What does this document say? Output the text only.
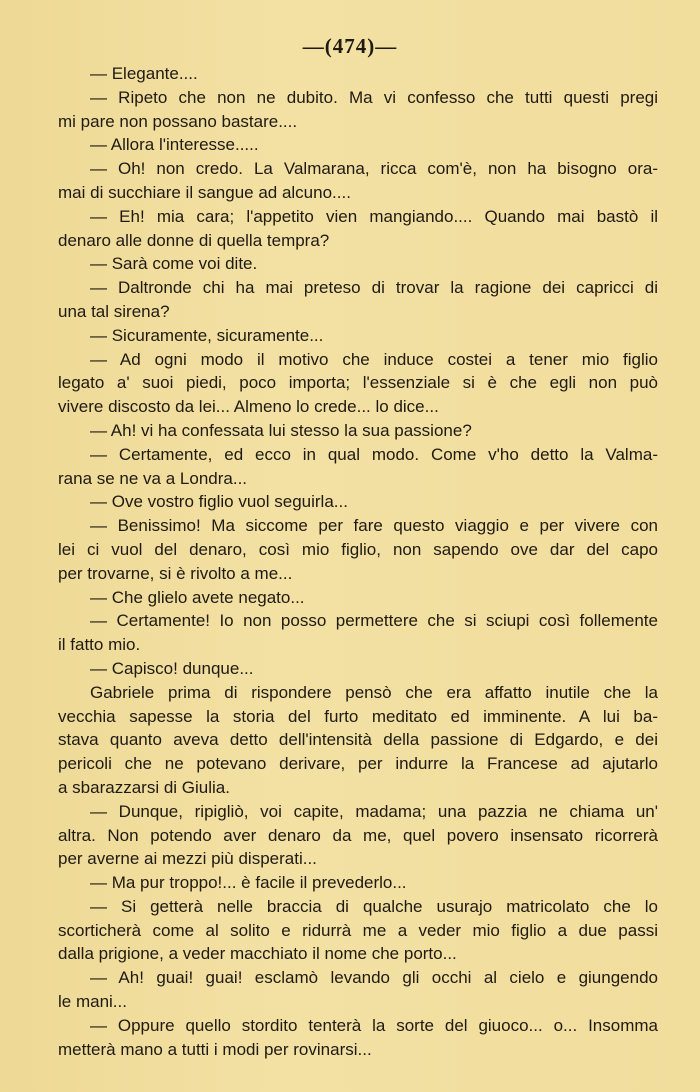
—(474)—
— Elegante....
— Ripeto che non ne dubito. Ma vi confesso che tutti questi pregi
mi pare non possano bastare....
— Allora l'interesse.....
— Oh! non credo. La Valmarana, ricca com'è, non ha bisogno ora-
mai di succhiare il sangue ad alcuno....
— Eh! mia cara; l'appetito vien mangiando.... Quando mai bastò il
denaro alle donne di quella tempra?
— Sarà come voi dite.
— Daltronde chi ha mai preteso di trovar la ragione dei capricci di
una tal sirena?
— Sicuramente, sicuramente...
— Ad ogni modo il motivo che induce costei a tener mio figlio
legato a' suoi piedi, poco importa; l'essenziale si è che egli non può
vivere discosto da lei... Almeno lo crede... lo dice...
— Ah! vi ha confessata lui stesso la sua passione?
— Certamente, ed ecco in qual modo. Come v'ho detto la Valma-
rana se ne va a Londra...
— Ove vostro figlio vuol seguirla...
— Benissimo! Ma siccome per fare questo viaggio e per vivere con
lei ci vuol del denaro, così mio figlio, non sapendo ove dar del capo
per trovarne, si è rivolto a me...
— Che glielo avete negato...
— Certamente! Io non posso permettere che si sciupi così follemente
il fatto mio.
— Capisco! dunque...
Gabriele prima di rispondere pensò che era affatto inutile che la
vecchia sapesse la storia del furto meditato ed imminente. A lui ba-
stava quanto aveva detto dell'intensità della passione di Edgardo, e dei
pericoli che ne potevano derivare, per indurre la Francese ad ajutarlo
a sbarazzarsi di Giulia.
— Dunque, ripigliò, voi capite, madama; una pazzia ne chiama un'
altra. Non potendo aver denaro da me, quel povero insensato ricorrerà
per averne ai mezzi più disperati...
— Ma pur troppo!... è facile il prevederlo...
— Si getterà nelle braccia di qualche usurajo matricolato che lo
scorticherà come al solito e ridurrà me a veder mio figlio a due passi
dalla prigione, a veder macchiato il nome che porto...
— Ah! guai! guai! esclamò levando gli occhi al cielo e giungendo
le mani...
— Oppure quello stordito tenterà la sorte del giuoco... o... Insomma
metterà mano a tutti i modi per rovinarsi...
